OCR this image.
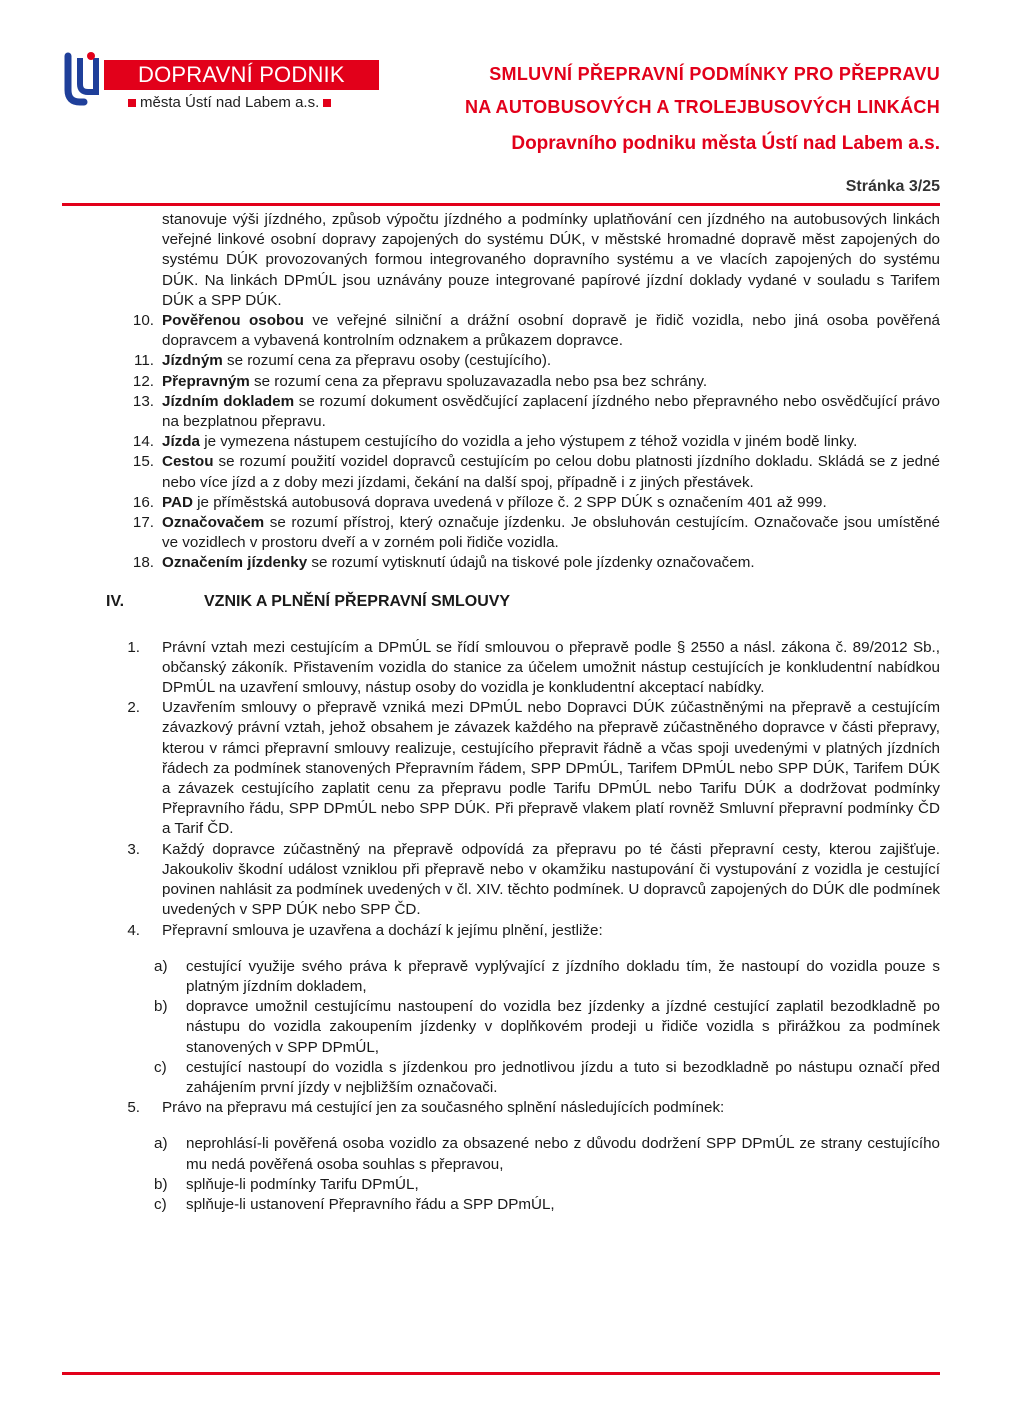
DOPRAVNÍ PODNIK
města Ústí nad Labem a.s.
SMLUVNÍ PŘEPRAVNÍ PODMÍNKY PRO PŘEPRAVU
NA AUTOBUSOVÝCH A TROLEJBUSOVÝCH LINKÁCH
Dopravního podniku města Ústí nad Labem a.s.
Stránka 3/25
stanovuje výši jízdného, způsob výpočtu jízdného a podmínky uplatňování cen jízdného na autobusových linkách veřejné linkové osobní dopravy zapojených do systému DÚK, v městské hromadné dopravě měst zapojených do systému DÚK provozovaných formou integrovaného dopravního systému a ve vlacích zapojených do systému DÚK. Na linkách DPmÚL jsou uznávány pouze integrované papírové jízdní doklady vydané v souladu s Tarifem DÚK a SPP DÚK.
10. Pověřenou osobou ve veřejné silniční a drážní osobní dopravě je řidič vozidla, nebo jiná osoba pověřená dopravcem a vybavená kontrolním odznakem a průkazem dopravce.
11. Jízdným se rozumí cena za přepravu osoby (cestujícího).
12. Přepravným se rozumí cena za přepravu spoluzavazadla nebo psa bez schrány.
13. Jízdním dokladem se rozumí dokument osvědčující zaplacení jízdného nebo přepravného nebo osvědčující právo na bezplatnou přepravu.
14. Jízda je vymezena nástupem cestujícího do vozidla a jeho výstupem z téhož vozidla v jiném bodě linky.
15. Cestou se rozumí použití vozidel dopravců cestujícím po celou dobu platnosti jízdního dokladu. Skládá se z jedné nebo více jízd a z doby mezi jízdami, čekání na další spoj, případně i z jiných přestávek.
16. PAD je příměstská autobusová doprava uvedená v příloze č. 2 SPP DÚK s označením 401 až 999.
17. Označovačem se rozumí přístroj, který označuje jízdenku. Je obsluhován cestujícím. Označovače jsou umístěné ve vozidlech v prostoru dveří a v zorném poli řidiče vozidla.
18. Označením jízdenky se rozumí vytisknutí údajů na tiskové pole jízdenky označovačem.
IV.	VZNIK A PLNĚNÍ PŘEPRAVNÍ SMLOUVY
1. Právní vztah mezi cestujícím a DPmÚL se řídí smlouvou o přepravě podle § 2550 a násl. zákona č. 89/2012 Sb., občanský zákoník. Přistavením vozidla do stanice za účelem umožnit nástup cestujících je konkludentní nabídkou DPmÚL na uzavření smlouvy, nástup osoby do vozidla je konkludentní akceptací nabídky.
2. Uzavřením smlouvy o přepravě vzniká mezi DPmÚL nebo Dopravci DÚK zúčastněnými na přepravě a cestujícím závazkový právní vztah, jehož obsahem je závazek každého na přepravě zúčastněného dopravce v části přepravy, kterou v rámci přepravní smlouvy realizuje, cestujícího přepravit řádně a včas spoji uvedenými v platných jízdních řádech za podmínek stanovených Přepravním řádem, SPP DPmÚL, Tarifem DPmÚL nebo SPP DÚK, Tarifem DÚK a závazek cestujícího zaplatit cenu za přepravu podle Tarifu DPmÚL nebo Tarifu DÚK a dodržovat podmínky Přepravního řádu, SPP DPmÚL nebo SPP DÚK. Při přepravě vlakem platí rovněž Smluvní přepravní podmínky ČD a Tarif ČD.
3. Každý dopravce zúčastněný na přepravě odpovídá za přepravu po té části přepravní cesty, kterou zajišťuje. Jakoukoliv škodní událost vzniklou při přepravě nebo v okamžiku nastupování či vystupování z vozidla je cestující povinen nahlásit za podmínek uvedených v čl. XIV. těchto podmínek. U dopravců zapojených do DÚK dle podmínek uvedených v SPP DÚK nebo SPP ČD.
4. Přepravní smlouva je uzavřena a dochází k jejímu plnění, jestliže:
a) cestující využije svého práva k přepravě vyplývající z jízdního dokladu tím, že nastoupí do vozidla pouze s platným jízdním dokladem,
b) dopravce umožnil cestujícímu nastoupení do vozidla bez jízdenky a jízdné cestující zaplatil bezodkladně po nástupu do vozidla zakoupením jízdenky v doplňkovém prodeji u řidiče vozidla s přirážkou za podmínek stanovených v SPP DPmÚL,
c) cestující nastoupí do vozidla s jízdenkou pro jednotlivou jízdu a tuto si bezodkladně po nástupu označí před zahájením první jízdy v nejbližším označovači.
5. Právo na přepravu má cestující jen za současného splnění následujících podmínek:
a) neprohlásí-li pověřená osoba vozidlo za obsazené nebo z důvodu dodržení SPP DPmÚL ze strany cestujícího mu nedá pověřená osoba souhlas s přepravou,
b) splňuje-li podmínky Tarifu DPmÚL,
c) splňuje-li ustanovení Přepravního řádu a SPP DPmÚL,
